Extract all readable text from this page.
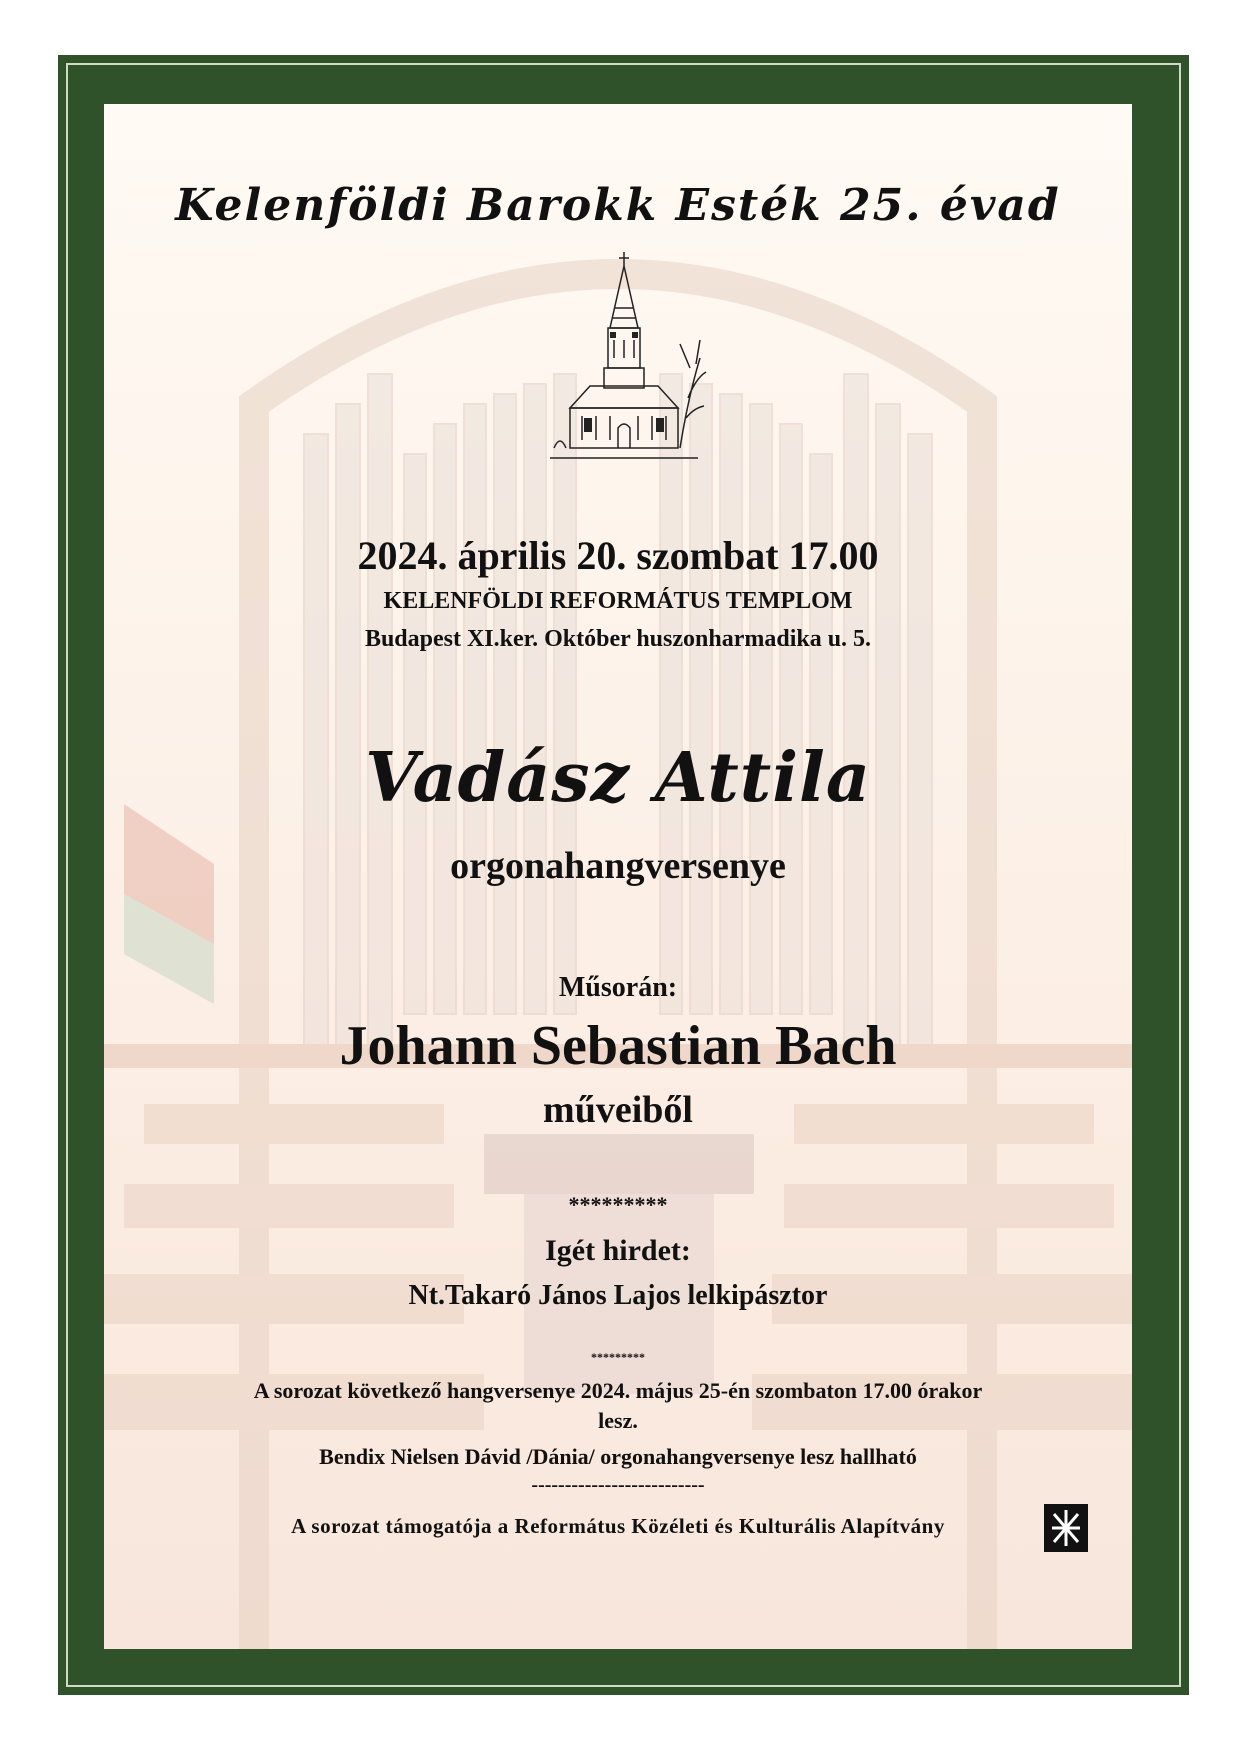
Kelenföldi Barokk Esték 25. évad
2024. április 20. szombat 17.00
KELENFÖLDI REFORMÁTUS TEMPLOM
Budapest XI.ker. Október huszonharmadika u. 5.
Vadász Attila
orgonahangversenye
Műsorán:
Johann Sebastian Bach
műveiből
*********
Igét hirdet:
Nt.Takaró János Lajos lelkipásztor
*********
A sorozat következő hangversenye 2024. május 25-én szombaton 17.00 órakor
lesz.
Bendix Nielsen Dávid /Dánia/ orgonahangversenye lesz hallható
--------------------------
A sorozat támogatója a Református Közéleti és Kulturális Alapítvány
